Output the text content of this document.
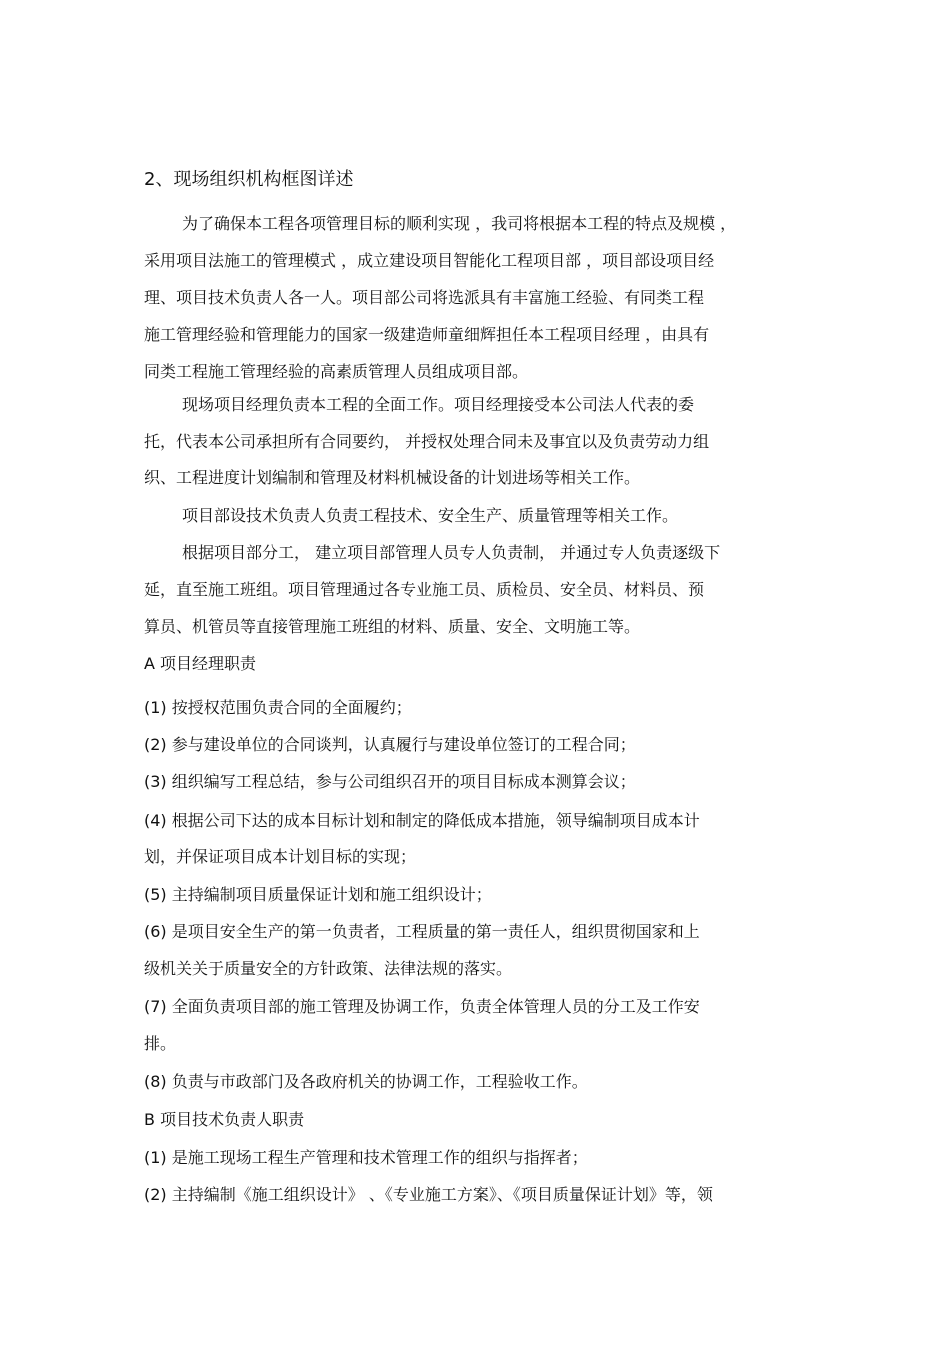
2、现场组织机构框图详述
为了确保本工程各项管理目标的顺利实现 ，我司将根据本工程的特点及规模 ，
采用项目法施工的管理模式 ，成立建设项目智能化工程项目部 ，项目部设项目经
理、项目技术负责人各一人。项目部公司将选派具有丰富施工经验、有同类工程
施工管理经验和管理能力的国家一级建造师童细辉担任本工程项目经理 ，由具有
同类工程施工管理经验的高素质管理人员组成项目部。
现场项目经理负责本工程的全面工作。项目经理接受本公司法人代表的委
托，代表本公司承担所有合同要约， 并授权处理合同未及事宜以及负责劳动力组
织、工程进度计划编制和管理及材料机械设备的计划进场等相关工作。
项目部设技术负责人负责工程技术、安全生产、质量管理等相关工作。
根据项目部分工， 建立项目部管理人员专人负责制， 并通过专人负责逐级下
延，直至施工班组。项目管理通过各专业施工员、质检员、安全员、材料员、预
算员、机管员等直接管理施工班组的材料、质量、安全、文明施工等。
A 项目经理职责
(1) 按授权范围负责合同的全面履约；
(2) 参与建设单位的合同谈判，认真履行与建设单位签订的工程合同；
(3) 组织编写工程总结，参与公司组织召开的项目目标成本测算会议；
(4) 根据公司下达的成本目标计划和制定的降低成本措施，领导编制项目成本计
划，并保证项目成本计划目标的实现；
(5) 主持编制项目质量保证计划和施工组织设计；
(6) 是项目安全生产的第一负责者，工程质量的第一责任人，组织贯彻国家和上
级机关关于质量安全的方针政策、法律法规的落实。
(7) 全面负责项目部的施工管理及协调工作，负责全体管理人员的分工及工作安
排。
(8) 负责与市政部门及各政府机关的协调工作，工程验收工作。
B 项目技术负责人职责
(1) 是施工现场工程生产管理和技术管理工作的组织与指挥者；
(2) 主持编制《施工组织设计》 、《专业施工方案》、《项目质量保证计划》等，领
